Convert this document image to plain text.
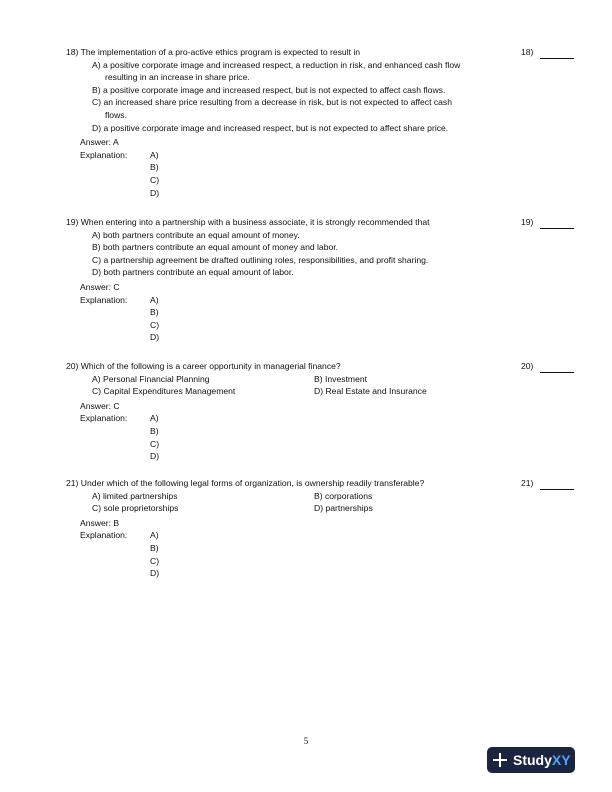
18) The implementation of a pro-active ethics program is expected to result in

A) a positive corporate image and increased respect, a reduction in risk, and enhanced cash flow
resulting in an increase in share price.
B) a positive corporate image and increased respect, but is not expected to affect cash flows.
C) an increased share price resulting from a decrease in risk, but is not expected to affect cash
flows.
D) a positive corporate image and increased respect, but is not expected to affect share price.
Answer: A
Explanation:	A)
B)
C)
D)
18)

19) When entering into a partnership with a business associate, it is strongly recommended that

A) both partners contribute an equal amount of money.
B) both partners contribute an equal amount of money and labor.
C) a partnership agreement be drafted outlining roles, responsibilities, and profit sharing.
D) both partners contribute an equal amount of labor.
Answer: C
Explanation:	A)
B)
C)
D)
19)

20) Which of the following is a career opportunity in managerial finance?

A) Personal Financial Planning	B) Investment
C) Capital Expenditures Management	D) Real Estate and Insurance
Answer: C
Explanation:	A)
B)
C)
D)
20)

21) Under which of the following legal forms of organization, is ownership readily transferable?

A) limited partnerships	B) corporations
C) sole proprietorships	D) partnerships
Answer: B
Explanation:	A)
B)
C)
D)
21)
5
StudyXY
